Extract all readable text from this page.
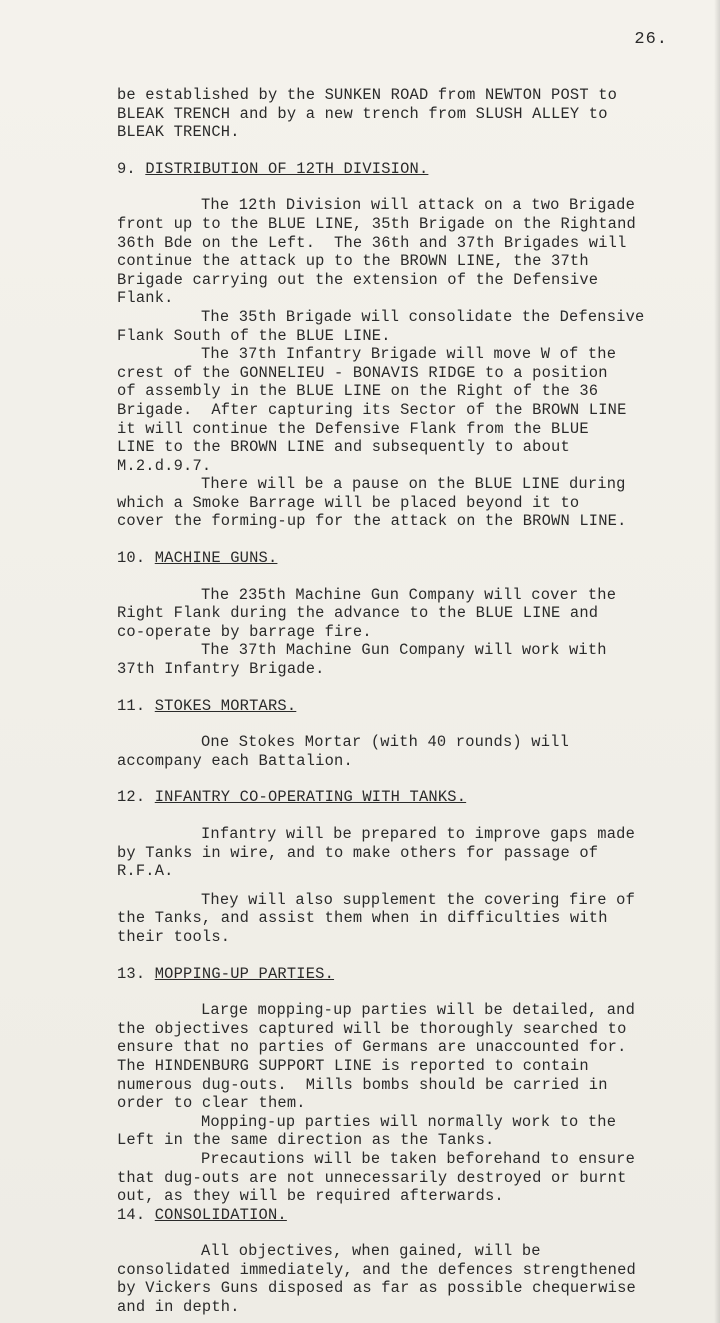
26.
be established by the SUNKEN ROAD from NEWTON POST to
BLEAK TRENCH and by a new trench from SLUSH ALLEY to
BLEAK TRENCH.
9. DISTRIBUTION OF 12TH DIVISION.
The 12th Division will attack on a two Brigade
front up to the BLUE LINE, 35th Brigade on the Rightand
36th Bde on the Left.  The 36th and 37th Brigades will
continue the attack up to the BROWN LINE, the 37th
Brigade carrying out the extension of the Defensive
Flank.
The 35th Brigade will consolidate the Defensive
Flank South of the BLUE LINE.
The 37th Infantry Brigade will move W of the
crest of the GONNELIEU - BONAVIS RIDGE to a position
of assembly in the BLUE LINE on the Right of the 36
Brigade.  After capturing its Sector of the BROWN LINE
it will continue the Defensive Flank from the BLUE
LINE to the BROWN LINE and subsequently to about
M.2.d.9.7.
There will be a pause on the BLUE LINE during
which a Smoke Barrage will be placed beyond it to
cover the forming-up for the attack on the BROWN LINE.
10. MACHINE GUNS.
The 235th Machine Gun Company will cover the
Right Flank during the advance to the BLUE LINE and
co-operate by barrage fire.
The 37th Machine Gun Company will work with
37th Infantry Brigade.
11. STOKES MORTARS.
One Stokes Mortar (with 40 rounds) will
accompany each Battalion.
12. INFANTRY CO-OPERATING WITH TANKS.
Infantry will be prepared to improve gaps made
by Tanks in wire, and to make others for passage of
R.F.A.
They will also supplement the covering fire of
the Tanks, and assist them when in difficulties with
their tools.
13. MOPPING-UP PARTIES.
Large mopping-up parties will be detailed, and
the objectives captured will be thoroughly searched to
ensure that no parties of Germans are unaccounted for.
The HINDENBURG SUPPORT LINE is reported to contain
numerous dug-outs.  Mills bombs should be carried in
order to clear them.
Mopping-up parties will normally work to the
Left in the same direction as the Tanks.
Precautions will be taken beforehand to ensure
that dug-outs are not unnecessarily destroyed or burnt
out, as they will be required afterwards.
14. CONSOLIDATION.
All objectives, when gained, will be
consolidated immediately, and the defences strengthened
by Vickers Guns disposed as far as possible chequerwise
and in depth.
